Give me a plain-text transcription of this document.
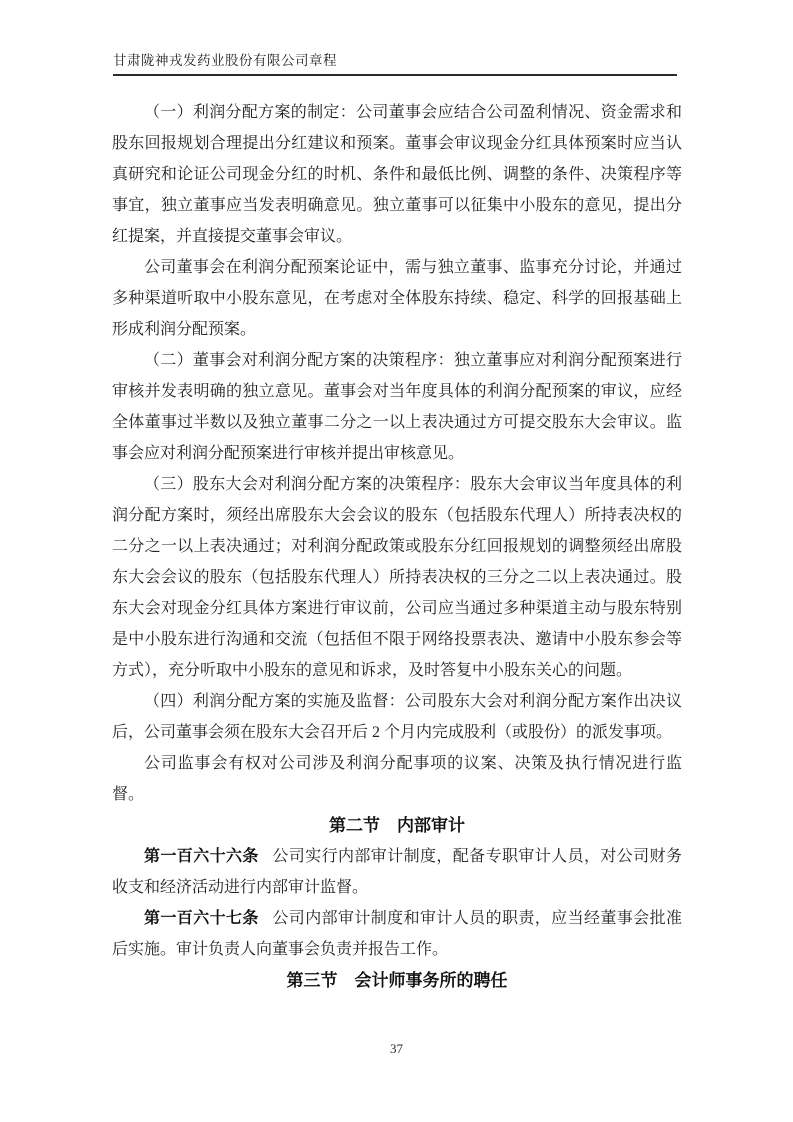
甘肃陇神戎发药业股份有限公司章程

（一）利润分配方案的制定：公司董事会应结合公司盈利情况、资金需求和股东回报规划合理提出分红建议和预案。董事会审议现金分红具体预案时应当认真研究和论证公司现金分红的时机、条件和最低比例、调整的条件、决策程序等事宜，独立董事应当发表明确意见。独立董事可以征集中小股东的意见，提出分红提案，并直接提交董事会审议。

公司董事会在利润分配预案论证中，需与独立董事、监事充分讨论，并通过多种渠道听取中小股东意见，在考虑对全体股东持续、稳定、科学的回报基础上形成利润分配预案。

（二）董事会对利润分配方案的决策程序：独立董事应对利润分配预案进行审核并发表明确的独立意见。董事会对当年度具体的利润分配预案的审议，应经全体董事过半数以及独立董事二分之一以上表决通过方可提交股东大会审议。监事会应对利润分配预案进行审核并提出审核意见。

（三）股东大会对利润分配方案的决策程序：股东大会审议当年度具体的利润分配方案时，须经出席股东大会会议的股东（包括股东代理人）所持表决权的二分之一以上表决通过；对利润分配政策或股东分红回报规划的调整须经出席股东大会会议的股东（包括股东代理人）所持表决权的三分之二以上表决通过。股东大会对现金分红具体方案进行审议前，公司应当通过多种渠道主动与股东特别是中小股东进行沟通和交流（包括但不限于网络投票表决、邀请中小股东参会等方式），充分听取中小股东的意见和诉求，及时答复中小股东关心的问题。

（四）利润分配方案的实施及监督：公司股东大会对利润分配方案作出决议后，公司董事会须在股东大会召开后 2 个月内完成股利（或股份）的派发事项。

公司监事会有权对公司涉及利润分配事项的议案、决策及执行情况进行监督。

第二节　内部审计

第一百六十六条 公司实行内部审计制度，配备专职审计人员，对公司财务收支和经济活动进行内部审计监督。

第一百六十七条 公司内部审计制度和审计人员的职责，应当经董事会批准后实施。审计负责人向董事会负责并报告工作。

第三节　会计师事务所的聘任
37
